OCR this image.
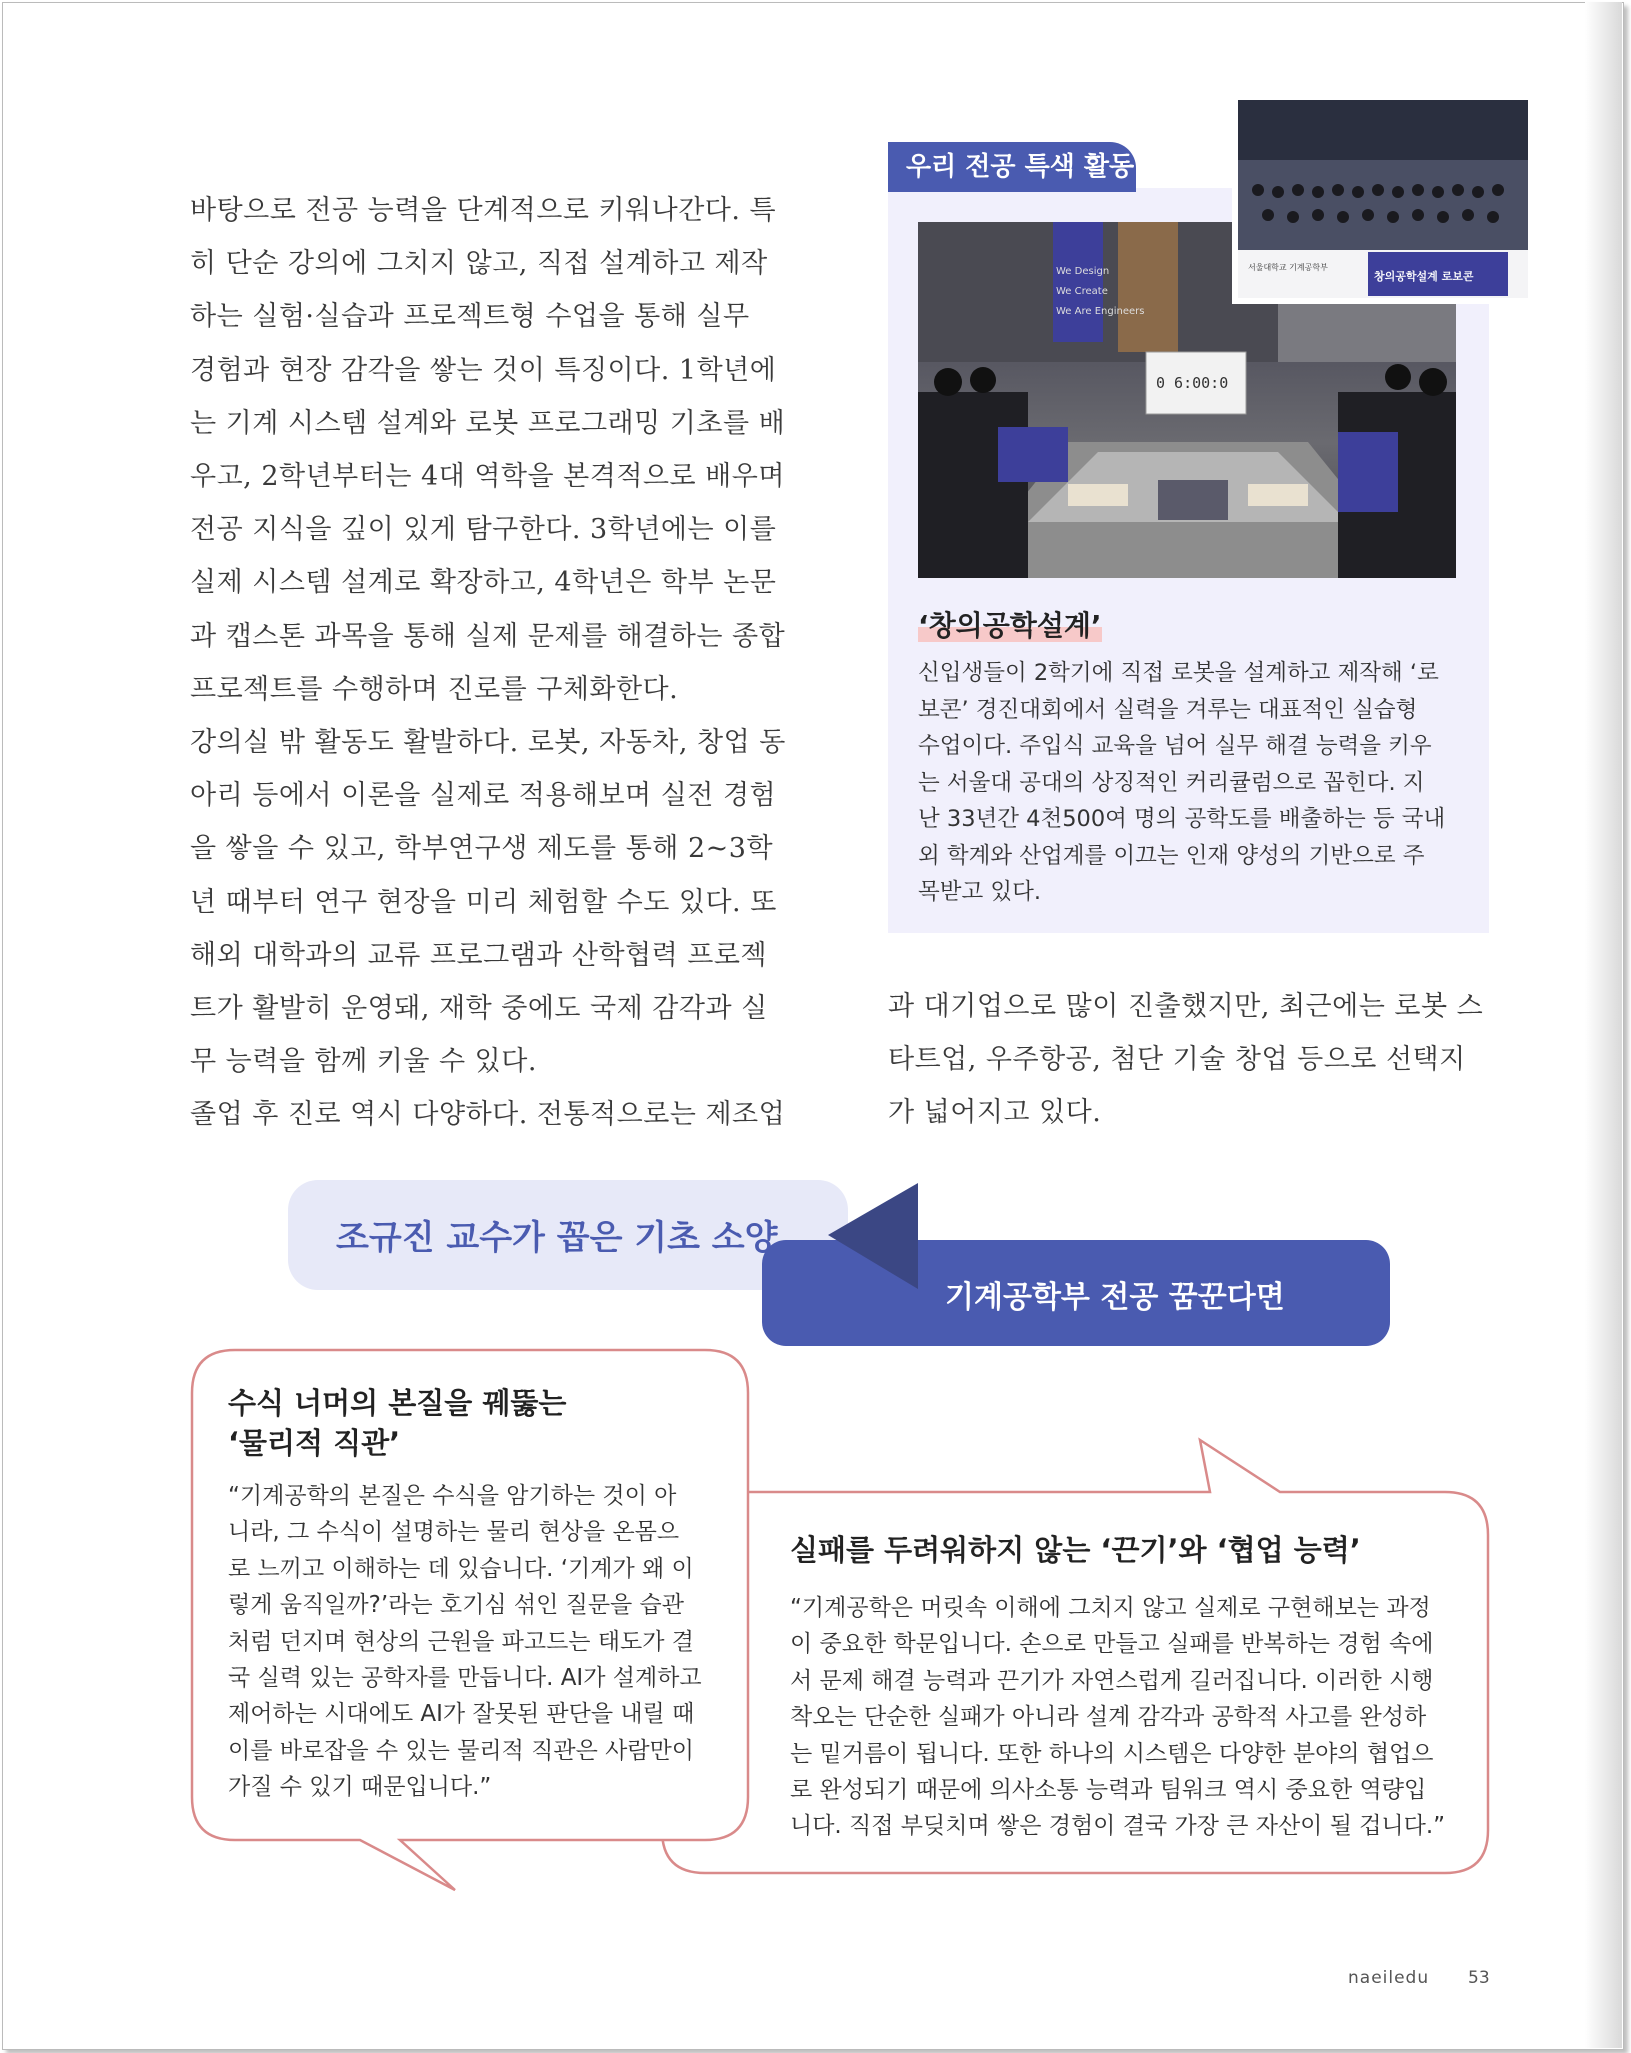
바탕으로 전공 능력을 단계적으로 키워나간다. 특
히 단순 강의에 그치지 않고, 직접 설계하고 제작
하는 실험·실습과 프로젝트형 수업을 통해 실무
경험과 현장 감각을 쌓는 것이 특징이다. 1학년에
는 기계 시스템 설계와 로봇 프로그래밍 기초를 배
우고, 2학년부터는 4대 역학을 본격적으로 배우며
전공 지식을 깊이 있게 탐구한다. 3학년에는 이를
실제 시스템 설계로 확장하고, 4학년은 학부 논문
과 캡스톤 과목을 통해 실제 문제를 해결하는 종합
프로젝트를 수행하며 진로를 구체화한다.

강의실 밖 활동도 활발하다. 로봇, 자동차, 창업 동
아리 등에서 이론을 실제로 적용해보며 실전 경험
을 쌓을 수 있고, 학부연구생 제도를 통해 2~3학
년 때부터 연구 현장을 미리 체험할 수도 있다. 또
해외 대학과의 교류 프로그램과 산학협력 프로젝
트가 활발히 운영돼, 재학 중에도 국제 감각과 실
무 능력을 함께 키울 수 있다.

졸업 후 진로 역시 다양하다. 전통적으로는 제조업

우리 전공 특색 활동
0 6:00:0
We Design
We Create
We Are Engineers
서울대학교 기계공학부
창의공학설계 로보콘
‘창의공학설계’
신입생들이 2학기에 직접 로봇을 설계하고 제작해 ‘로
보콘’ 경진대회에서 실력을 겨루는 대표적인 실습형
수업이다. 주입식 교육을 넘어 실무 해결 능력을 키우
는 서울대 공대의 상징적인 커리큘럼으로 꼽힌다. 지
난 33년간 4천500여 명의 공학도를 배출하는 등 국내
외 학계와 산업계를 이끄는 인재 양성의 기반으로 주
목받고 있다.

과 대기업으로 많이 진출했지만, 최근에는 로봇 스
타트업, 우주항공, 첨단 기술 창업 등으로 선택지
가 넓어지고 있다.

조규진 교수가 꼽은 기초 소양
기계공학부 전공 꿈꾼다면
수식 너머의 본질을 꿰뚫는
‘물리적 직관’
“기계공학의 본질은 수식을 암기하는 것이 아
니라, 그 수식이 설명하는 물리 현상을 온몸으
로 느끼고 이해하는 데 있습니다. ‘기계가 왜 이
렇게 움직일까?’라는 호기심 섞인 질문을 습관
처럼 던지며 현상의 근원을 파고드는 태도가 결
국 실력 있는 공학자를 만듭니다. AI가 설계하고
제어하는 시대에도 AI가 잘못된 판단을 내릴 때
이를 바로잡을 수 있는 물리적 직관은 사람만이
가질 수 있기 때문입니다.”
실패를 두려워하지 않는 ‘끈기’와 ‘협업 능력’
“기계공학은 머릿속 이해에 그치지 않고 실제로 구현해보는 과정
이 중요한 학문입니다. 손으로 만들고 실패를 반복하는 경험 속에
서 문제 해결 능력과 끈기가 자연스럽게 길러집니다. 이러한 시행
착오는 단순한 실패가 아니라 설계 감각과 공학적 사고를 완성하
는 밑거름이 됩니다. 또한 하나의 시스템은 다양한 분야의 협업으
로 완성되기 때문에 의사소통 능력과 팀워크 역시 중요한 역량입
니다. 직접 부딪치며 쌓은 경험이 결국 가장 큰 자산이 될 겁니다.”
naeiledu 53
